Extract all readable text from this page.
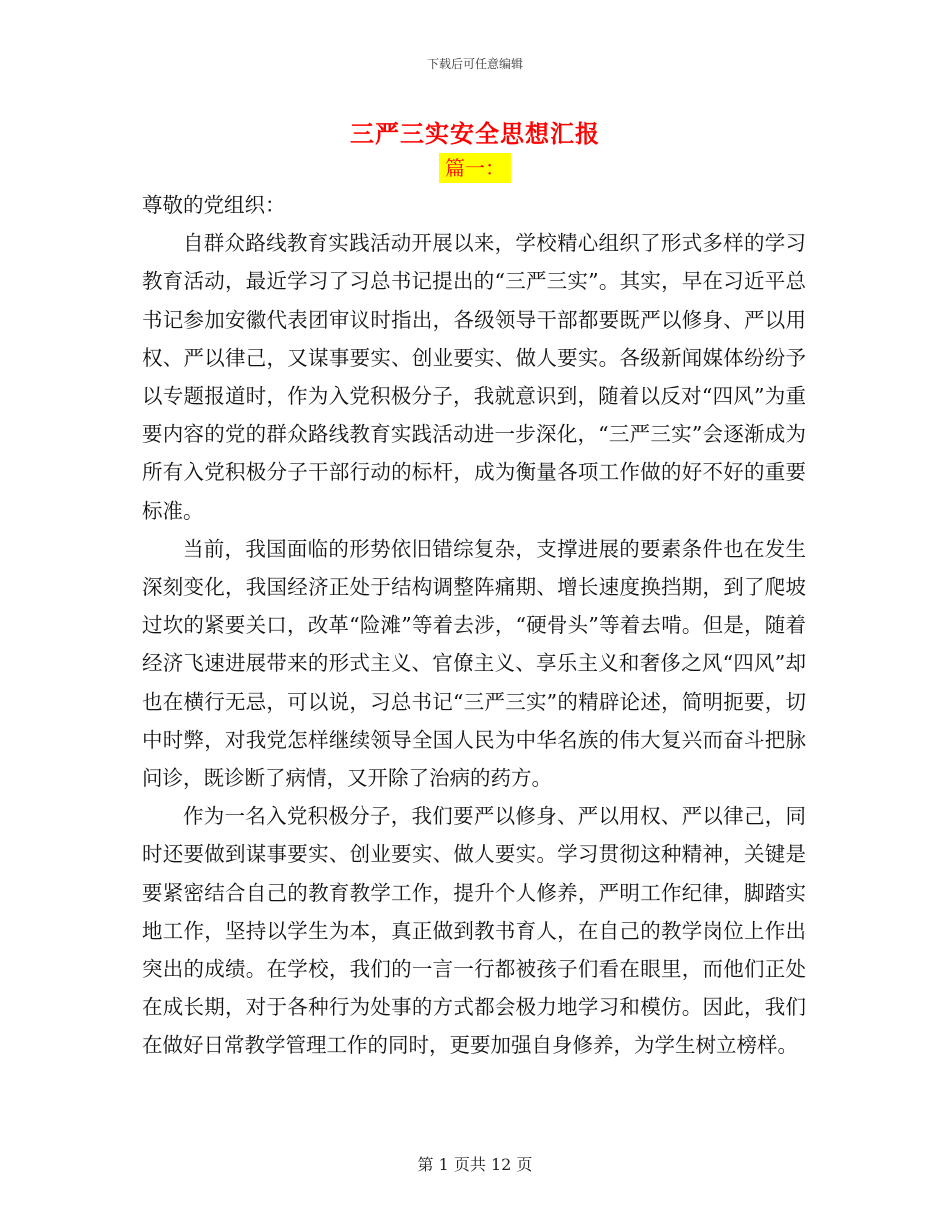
下载后可任意编辑
三严三实安全思想汇报
篇一：

尊敬的党组织：

自群众路线教育实践活动开展以来，学校精心组织了形式多样的学习教育活动，最近学习了习总书记提出的“三严三实”。其实，早在习近平总书记参加安徽代表团审议时指出，各级领导干部都要既严以修身、严以用权、严以律己，又谋事要实、创业要实、做人要实。各级新闻媒体纷纷予以专题报道时，作为入党积极分子，我就意识到，随着以反对“四风”为重要内容的党的群众路线教育实践活动进一步深化，“三严三实”会逐渐成为所有入党积极分子干部行动的标杆，成为衡量各项工作做的好不好的重要标准。

当前，我国面临的形势依旧错综复杂，支撑进展的要素条件也在发生深刻变化，我国经济正处于结构调整阵痛期、增长速度换挡期，到了爬坡过坎的紧要关口，改革“险滩”等着去涉，“硬骨头”等着去啃。但是，随着经济飞速进展带来的形式主义、官僚主义、享乐主义和奢侈之风“四风”却也在横行无忌，可以说，习总书记“三严三实”的精辟论述，简明扼要，切中时弊，对我党怎样继续领导全国人民为中华名族的伟大复兴而奋斗把脉问诊，既诊断了病情，又开除了治病的药方。

作为一名入党积极分子，我们要严以修身、严以用权、严以律己，同时还要做到谋事要实、创业要实、做人要实。学习贯彻这种精神，关键是要紧密结合自己的教育教学工作，提升个人修养，严明工作纪律，脚踏实地工作，坚持以学生为本，真正做到教书育人，在自己的教学岗位上作出突出的成绩。在学校，我们的一言一行都被孩子们看在眼里，而他们正处在成长期，对于各种行为处事的方式都会极力地学习和模仿。因此，我们在做好日常教学管理工作的同时，更要加强自身修养，为学生树立榜样。

第 1 页共 12 页
